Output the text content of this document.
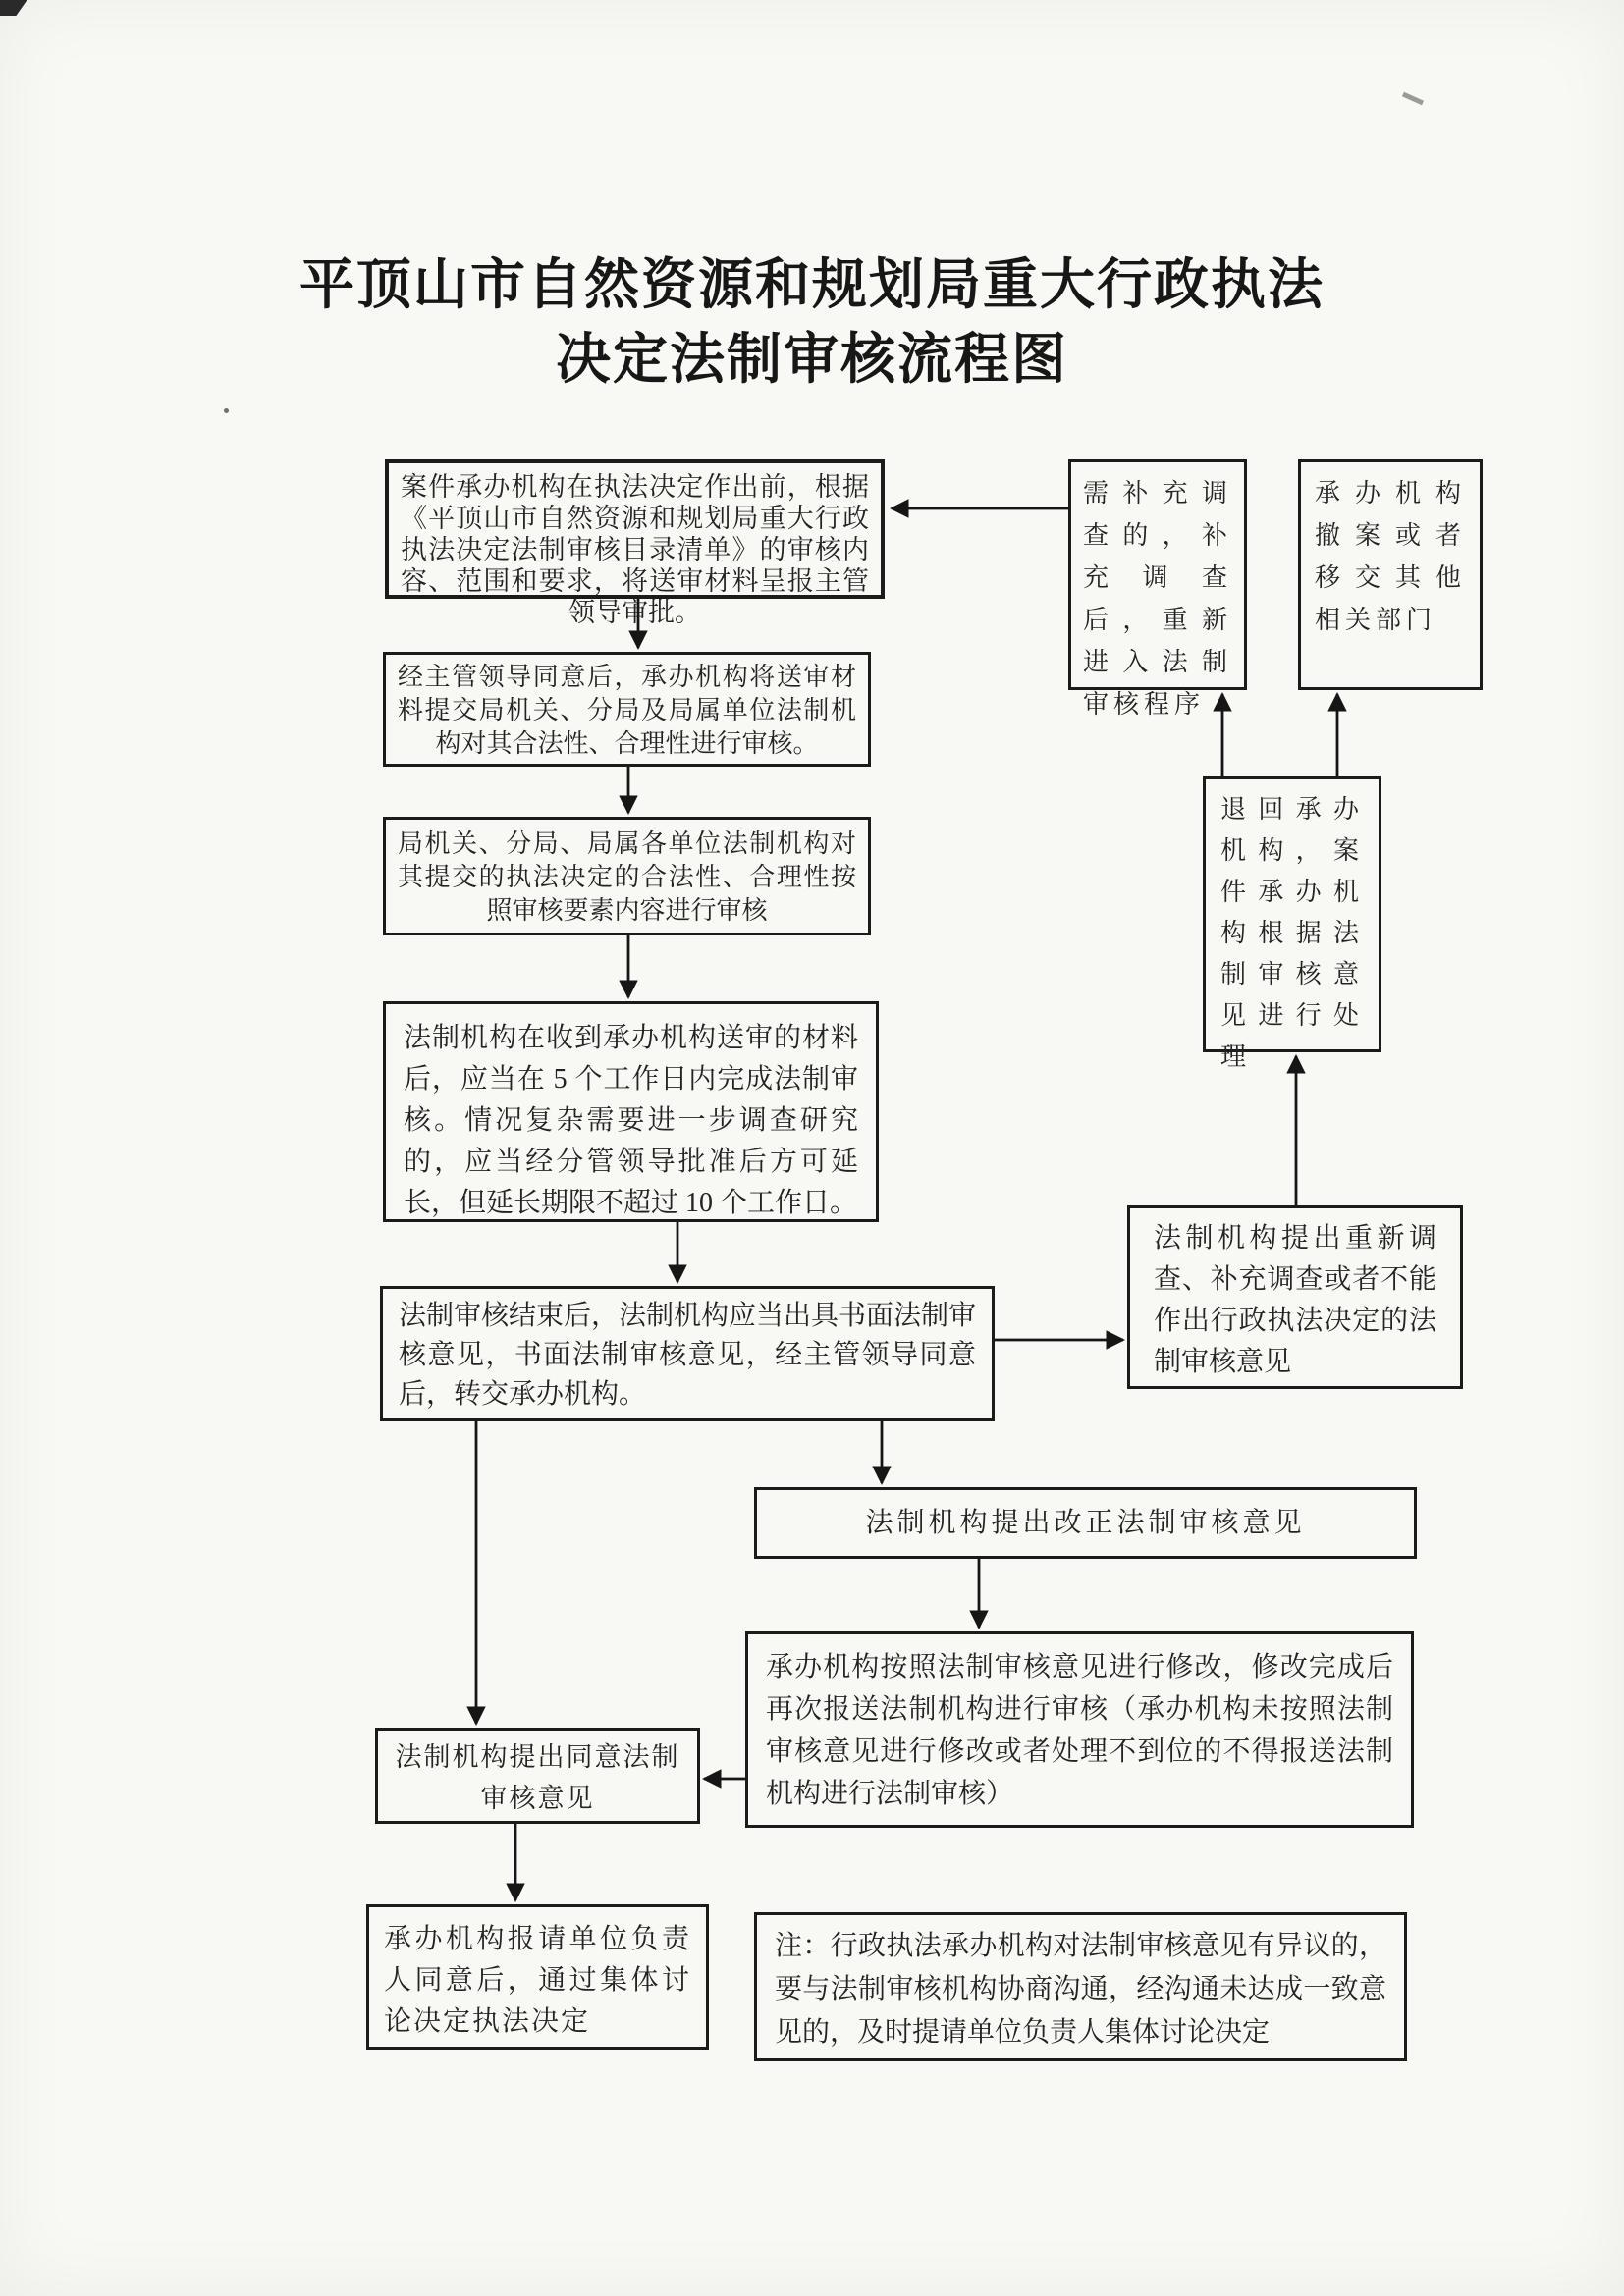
平顶山市自然资源和规划局重大行政执法
决定法制审核流程图

案件承办机构在执法决定作出前，根据《平顶山市自然资源和规划局重大行政执法决定法制审核目录清单》的审核内容、范围和要求，将送审材料呈报主管领导审批。

需补充调查的，补充调查后，重新进入法制审核程序

承办机构撤案或者移交其他相关部门

经主管领导同意后，承办机构将送审材料提交局机关、分局及局属单位法制机构对其合法性、合理性进行审核。

局机关、分局、局属各单位法制机构对其提交的执法决定的合法性、合理性按照审核要素内容进行审核

法制机构在收到承办机构送审的材料后，应当在 5 个工作日内完成法制审核。情况复杂需要进一步调查研究的，应当经分管领导批准后方可延长，但延长期限不超过 10 个工作日。

退回承办机构，案件承办机构根据法制审核意见进行处理

法制审核结束后，法制机构应当出具书面法制审核意见，书面法制审核意见，经主管领导同意后，转交承办机构。

法制机构提出重新调查、补充调查或者不能作出行政执法决定的法制审核意见

法制机构提出改正法制审核意见

承办机构按照法制审核意见进行修改，修改完成后再次报送法制机构进行审核（承办机构未按照法制审核意见进行修改或者处理不到位的不得报送法制机构进行法制审核）

法制机构提出同意法制审核意见

承办机构报请单位负责人同意后，通过集体讨论决定执法决定

注：行政执法承办机构对法制审核意见有异议的，要与法制审核机构协商沟通，经沟通未达成一致意见的，及时提请单位负责人集体讨论决定
